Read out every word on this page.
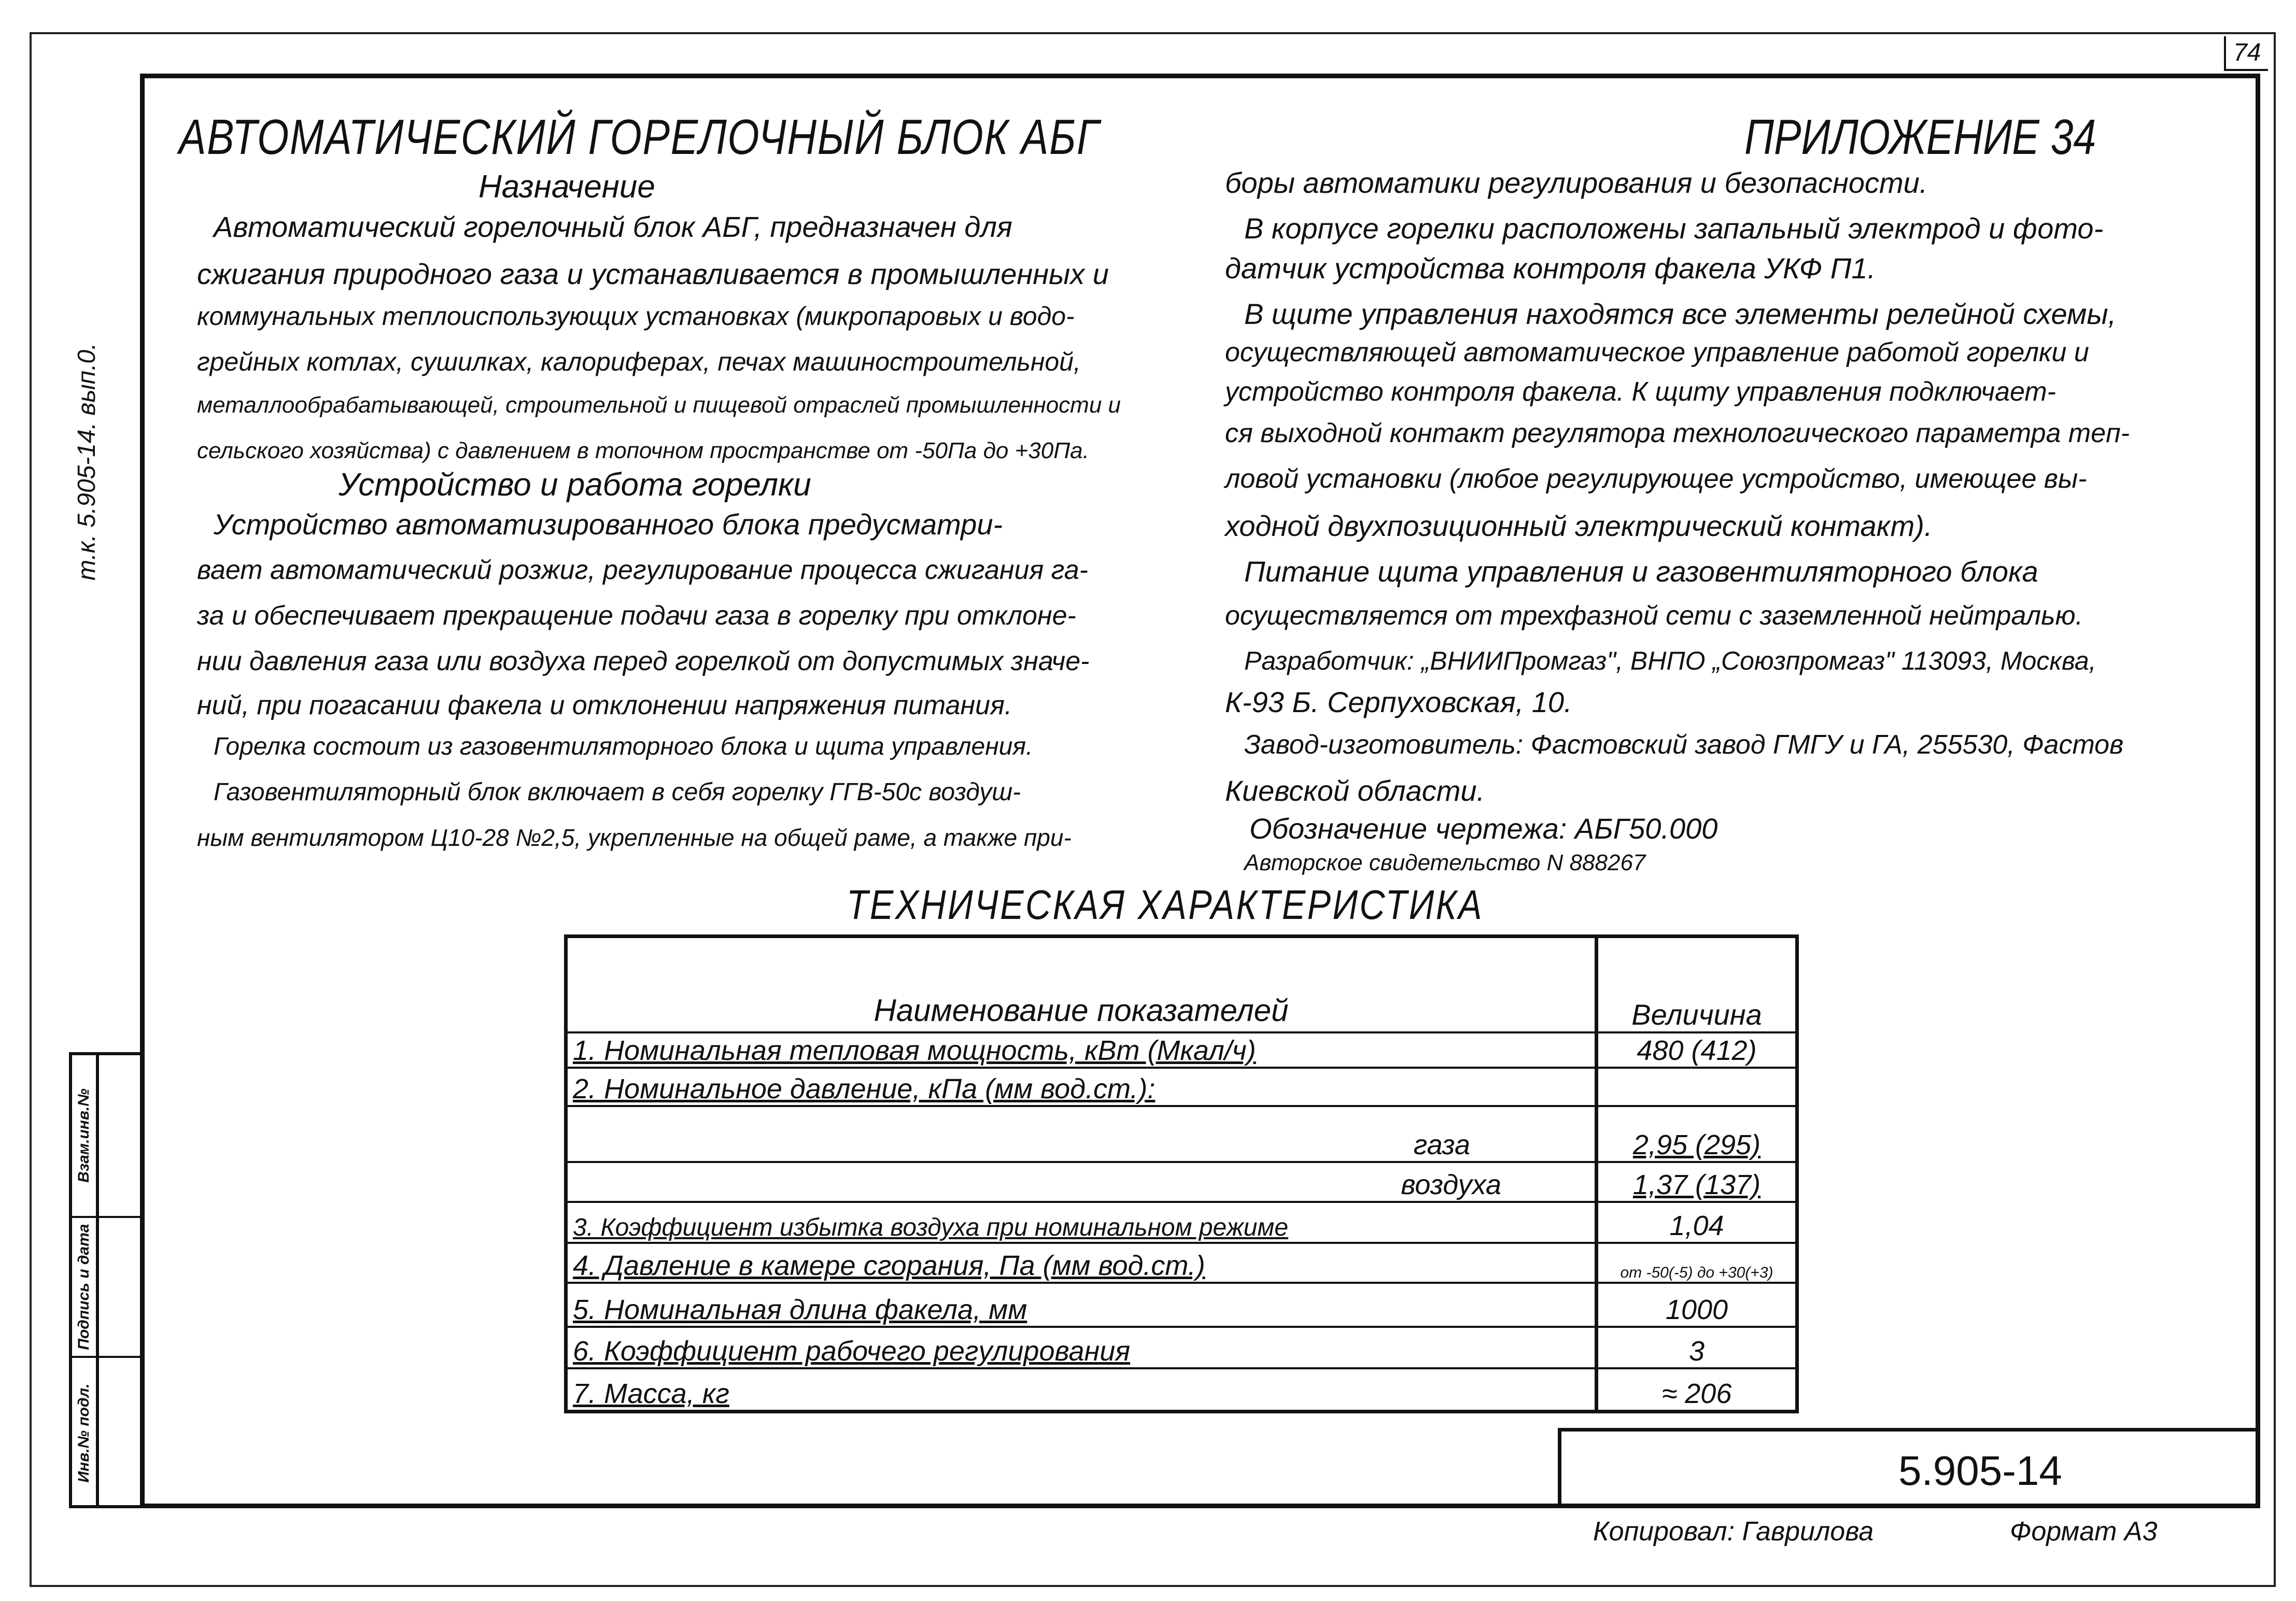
74
т.к. 5.905-14. вып.0.
Взам.инв.№
Подпись и дата
Инв.№ подл.
АВТОМАТИЧЕСКИЙ ГОРЕЛОЧНЫЙ БЛОК АБГ	ПРИЛОЖЕНИЕ 34
Назначение
Автоматический горелочный блок АБГ, предназначен для
сжигания природного газа и устанавливается в промышленных и
коммунальных теплоиспользующих установках (микропаровых и водо-
грейных котлах, сушилках, калориферах, печах машиностроительной,
металлообрабатывающей, строительной и пищевой отраслей промышленности и
сельского хозяйства) с давлением в топочном пространстве от -50Па до +30Па.
Устройство и работа горелки
Устройство автоматизированного блока предусматри-
вает автоматический розжиг, регулирование процесса сжигания га-
за и обеспечивает прекращение подачи газа в горелку при отклоне-
нии давления газа или воздуха перед горелкой от допустимых значе-
ний, при погасании факела и отклонении напряжения питания.
Горелка состоит из газовентиляторного блока и щита управления.
Газовентиляторный блок включает в себя горелку ГГВ-50с воздуш-
ным вентилятором Ц10-28 №2,5, укрепленные на общей раме, а также при-
боры автоматики регулирования и безопасности.
В корпусе горелки расположены запальный электрод и фото-
датчик устройства контроля факела УКФ П1.
В щите управления находятся все элементы релейной схемы,
осуществляющей автоматическое управление работой горелки и
устройство контроля факела. К щиту управления подключает-
ся выходной контакт регулятора технологического параметра теп-
ловой установки (любое регулирующее устройство, имеющее вы-
ходной двухпозиционный электрический контакт).
Питание щита управления и газовентиляторного блока
осуществляется от трехфазной сети с заземленной нейтралью.
Разработчик: „ВНИИПромгаз", ВНПО „Союзпромгаз" 113093, Москва,
К-93 Б. Серпуховская, 10.
Завод-изготовитель: Фастовский завод ГМГУ и ГА, 255530, Фастов
Киевской области.
Обозначение чертежа: АБГ50.000
Авторское свидетельство N 888267
ТЕХНИЧЕСКАЯ ХАРАКТЕРИСТИКА
Наименование показателей	Величина
1. Номинальная тепловая мощность, кВт (Мкал/ч)	480 (412)
2. Номинальное давление, кПа (мм вод.ст.):	
газа	2,95 (295)
воздуха	1,37 (137)
3. Коэффициент избытка воздуха при номинальном режиме	1,04
4. Давление в камере сгорания, Па (мм вод.ст.)	от -50(-5) до +30(+3)
5. Номинальная длина факела, мм	1000
6. Коэффициент рабочего регулирования	3
7. Масса, кг	≈ 206
5.905-14
Копировал: Гаврилова	Формат А3
